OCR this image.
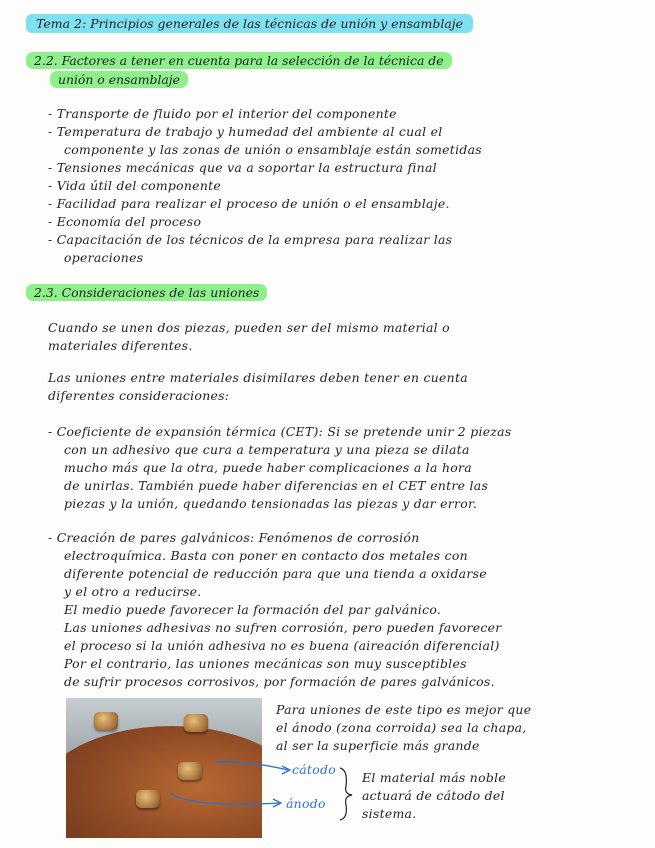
Tema 2: Principios generales de las técnicas de unión y ensamblaje
2.2. Factores a tener en cuenta para la selección de la técnica de
unión o ensamblaje
- Transporte de fluido por el interior del componente
- Temperatura de trabajo y humedad del ambiente al cual el
componente y las zonas de unión o ensamblaje están sometidas
- Tensiones mecánicas que va a soportar la estructura final
- Vida útil del componente
- Facilidad para realizar el proceso de unión o el ensamblaje.
- Economía del proceso
- Capacitación de los técnicos de la empresa para realizar las
operaciones
2.3. Consideraciones de las uniones
Cuando se unen dos piezas, pueden ser del mismo material o
materiales diferentes.
Las uniones entre materiales disimilares deben tener en cuenta
diferentes consideraciones:
- Coeficiente de expansión térmica (CET): Si se pretende unir 2 piezas
con un adhesivo que cura a temperatura y una pieza se dilata
mucho más que la otra, puede haber complicaciones a la hora
de unirlas. También puede haber diferencias en el CET entre las
piezas y la unión, quedando tensionadas las piezas y dar error.
- Creación de pares galvánicos: Fenómenos de corrosión
electroquímica. Basta con poner en contacto dos metales con
diferente potencial de reducción para que una tienda a oxidarse
y el otro a reducirse.
El medio puede favorecer la formación del par galvánico.
Las uniones adhesivas no sufren corrosión, pero pueden favorecer
el proceso si la unión adhesiva no es buena (aireación diferencial)
Por el contrario, las uniones mecánicas son muy susceptibles
de sufrir procesos corrosivos, por formación de pares galvánicos.
Para uniones de este tipo es mejor que
el ánodo (zona corroida) sea la chapa,
al ser la superficie más grande
cátodo
ánodo
El material más noble
actuará de cátodo del
sistema.
